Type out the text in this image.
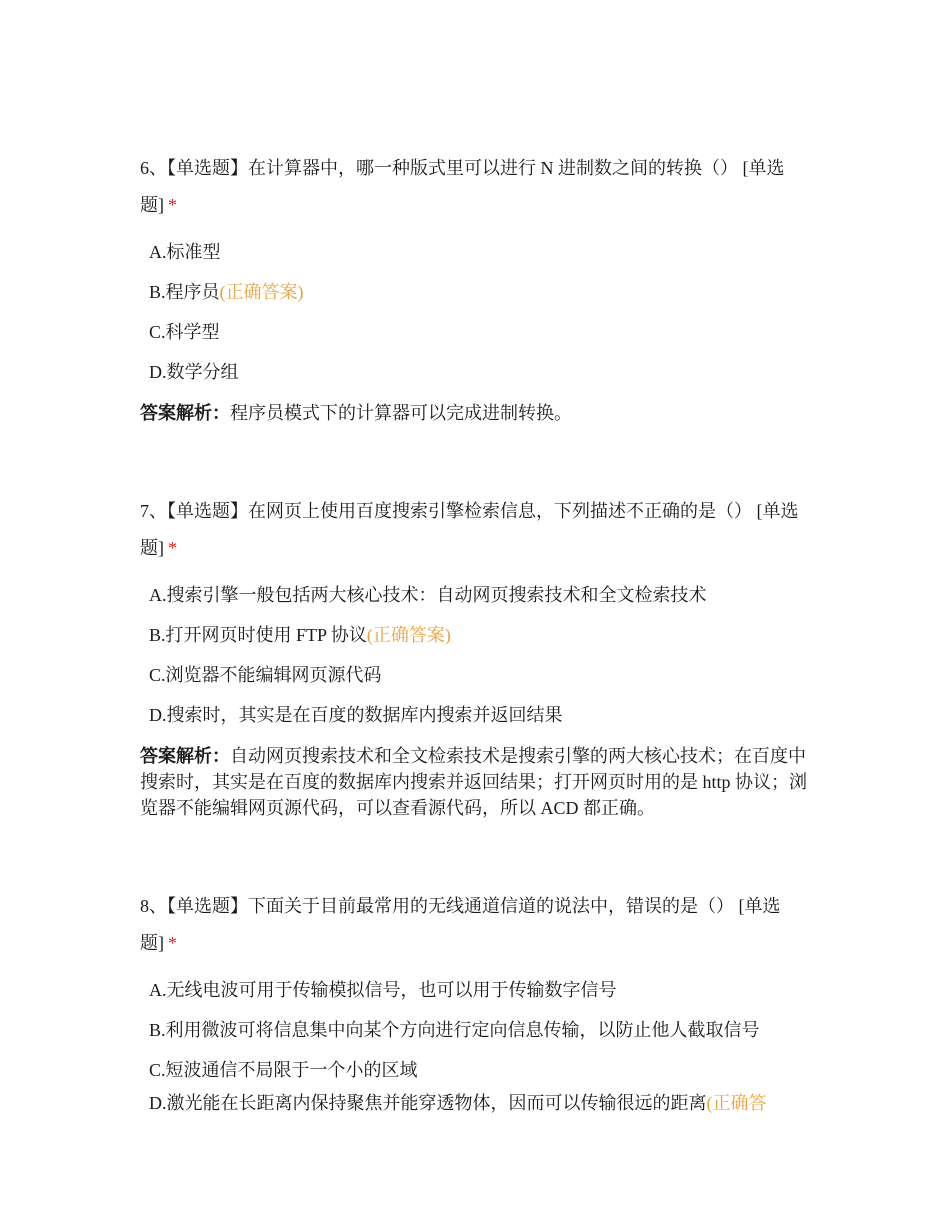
6、【单选题】在计算器中，哪一种版式里可以进行 N 进制数之间的转换（） [单选题] *

A.标准型
B.程序员(正确答案)
C.科学型
D.数学分组
答案解析：程序员模式下的计算器可以完成进制转换。

7、【单选题】在网页上使用百度搜索引擎检索信息，下列描述不正确的是（） [单选题] *

A.搜索引擎一般包括两大核心技术：自动网页搜索技术和全文检索技术
B.打开网页时使用 FTP 协议(正确答案)
C.浏览器不能编辑网页源代码
D.搜索时，其实是在百度的数据库内搜索并返回结果
答案解析：自动网页搜索技术和全文检索技术是搜索引擎的两大核心技术；在百度中搜索时，其实是在百度的数据库内搜索并返回结果；打开网页时用的是 http 协议；浏览器不能编辑网页源代码，可以查看源代码，所以 ACD 都正确。

8、【单选题】下面关于目前最常用的无线通道信道的说法中，错误的是（） [单选题] *

A.无线电波可用于传输模拟信号，也可以用于传输数字信号
B.利用微波可将信息集中向某个方向进行定向信息传输，以防止他人截取信号
C.短波通信不局限于一个小的区域
D.激光能在长距离内保持聚焦并能穿透物体，因而可以传输很远的距离(正确答
